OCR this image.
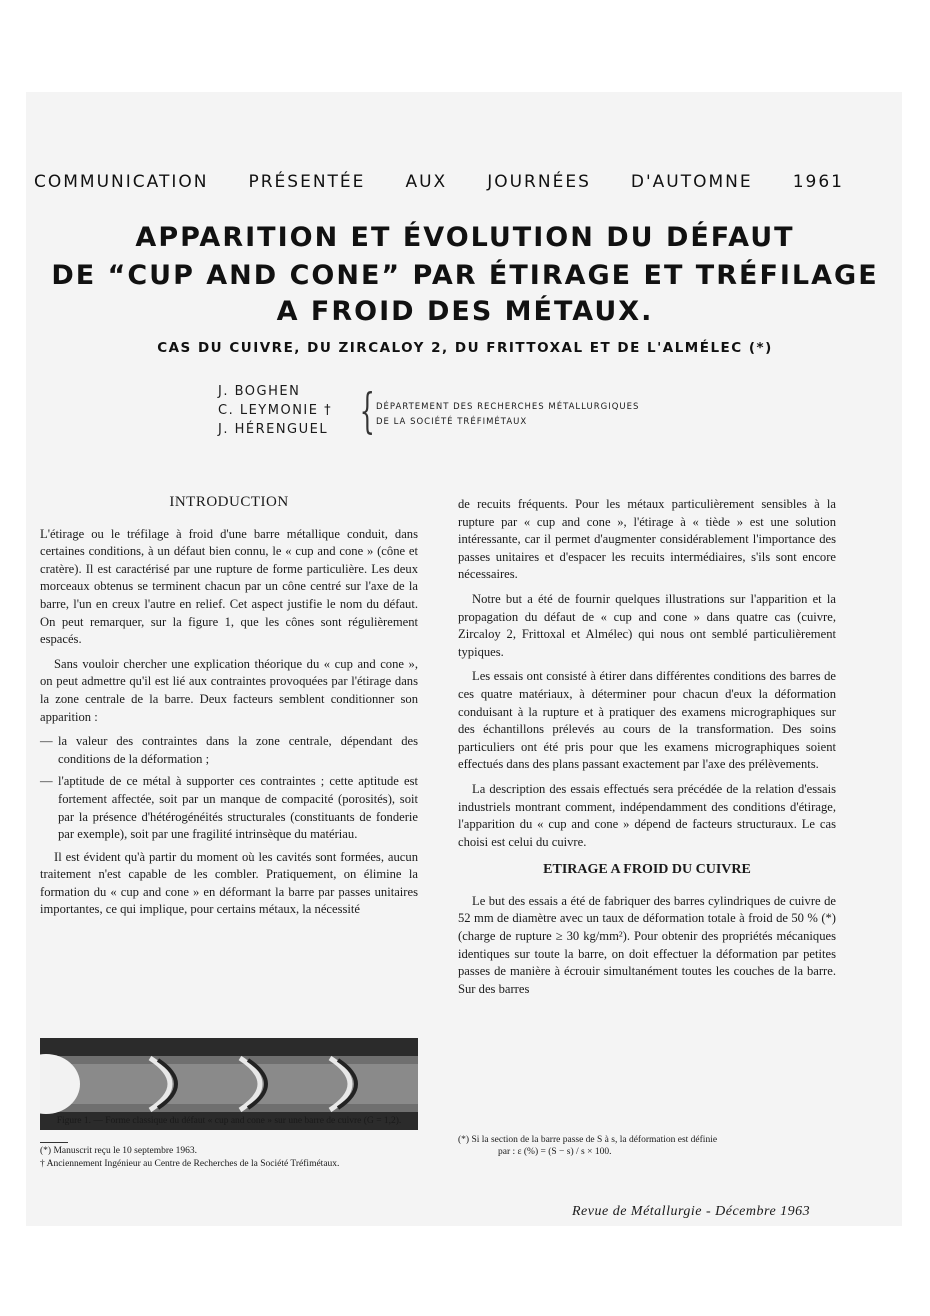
COMMUNICATION PRÉSENTÉE AUX JOURNÉES D'AUTOMNE 1961
APPARITION ET ÉVOLUTION DU DÉFAUT
DE “CUP AND CONE” PAR ÉTIRAGE ET TRÉFILAGE
A FROID DES MÉTAUX.
CAS DU CUIVRE, DU ZIRCALOY 2, DU FRITTOXAL ET DE L'ALMÉLEC (*)
J. BOGHEN
C. LEYMONIE †
J. HÉRENGUEL { DÉPARTEMENT DES RECHERCHES MÉTALLURGIQUES
DE LA SOCIÉTÉ TRÉFIMÉTAUX
INTRODUCTION

L'étirage ou le tréfilage à froid d'une barre métallique conduit, dans certaines conditions, à un défaut bien connu, le « cup and cone » (cône et cratère). Il est caractérisé par une rupture de forme particulière. Les deux morceaux obtenus se terminent chacun par un cône centré sur l'axe de la barre, l'un en creux l'autre en relief. Cet aspect justifie le nom du défaut. On peut remarquer, sur la figure 1, que les cônes sont régulièrement espacés.

Sans vouloir chercher une explication théorique du « cup and cone », on peut admettre qu'il est lié aux contraintes provoquées par l'étirage dans la zone centrale de la barre. Deux facteurs semblent conditionner son apparition :

— la valeur des contraintes dans la zone centrale, dépendant des conditions de la déformation ;
— l'aptitude de ce métal à supporter ces contraintes ; cette aptitude est fortement affectée, soit par un manque de compacité (porosités), soit par la présence d'hétérogénéités structurales (constituants de fonderie par exemple), soit par une fragilité intrinsèque du matériau.

Il est évident qu'à partir du moment où les cavités sont formées, aucun traitement n'est capable de les combler. Pratiquement, on élimine la formation du « cup and cone » en déformant la barre par passes unitaires importantes, ce qui implique, pour certains métaux, la nécessité

Figure 1. — Forme classique du défaut « cup and cone » sur une barre de cuivre (G = 1,2).
(*) Manuscrit reçu le 10 septembre 1963.
† Anciennement Ingénieur au Centre de Recherches de la Société Tréfimétaux.

de recuits fréquents. Pour les métaux particulièrement sensibles à la rupture par « cup and cone », l'étirage à « tiède » est une solution intéressante, car il permet d'augmenter considérablement l'importance des passes unitaires et d'espacer les recuits intermédiaires, s'ils sont encore nécessaires.

Notre but a été de fournir quelques illustrations sur l'apparition et la propagation du défaut de « cup and cone » dans quatre cas (cuivre, Zircaloy 2, Frittoxal et Almélec) qui nous ont semblé particulièrement typiques.

Les essais ont consisté à étirer dans différentes conditions des barres de ces quatre matériaux, à déterminer pour chacun d'eux la déformation conduisant à la rupture et à pratiquer des examens micrographiques sur des échantillons prélevés au cours de la transformation. Des soins particuliers ont été pris pour que les examens micrographiques soient effectués dans des plans passant exactement par l'axe des prélèvements.

La description des essais effectués sera précédée de la relation d'essais industriels montrant comment, indépendamment des conditions d'étirage, l'apparition du « cup and cone » dépend de facteurs structuraux. Le cas choisi est celui du cuivre.

ETIRAGE A FROID DU CUIVRE

Le but des essais a été de fabriquer des barres cylindriques de cuivre de 52 mm de diamètre avec un taux de déformation totale à froid de 50 % (*) (charge de rupture ≥ 30 kg/mm²). Pour obtenir des propriétés mécaniques identiques sur toute la barre, on doit effectuer la déformation par petites passes de manière à écrouir simultanément toutes les couches de la barre. Sur des barres

(*) Si la section de la barre passe de S à s, la déformation est définie
par : ε (%) = (S − s) / s × 100.
Revue de Métallurgie - Décembre 1963
